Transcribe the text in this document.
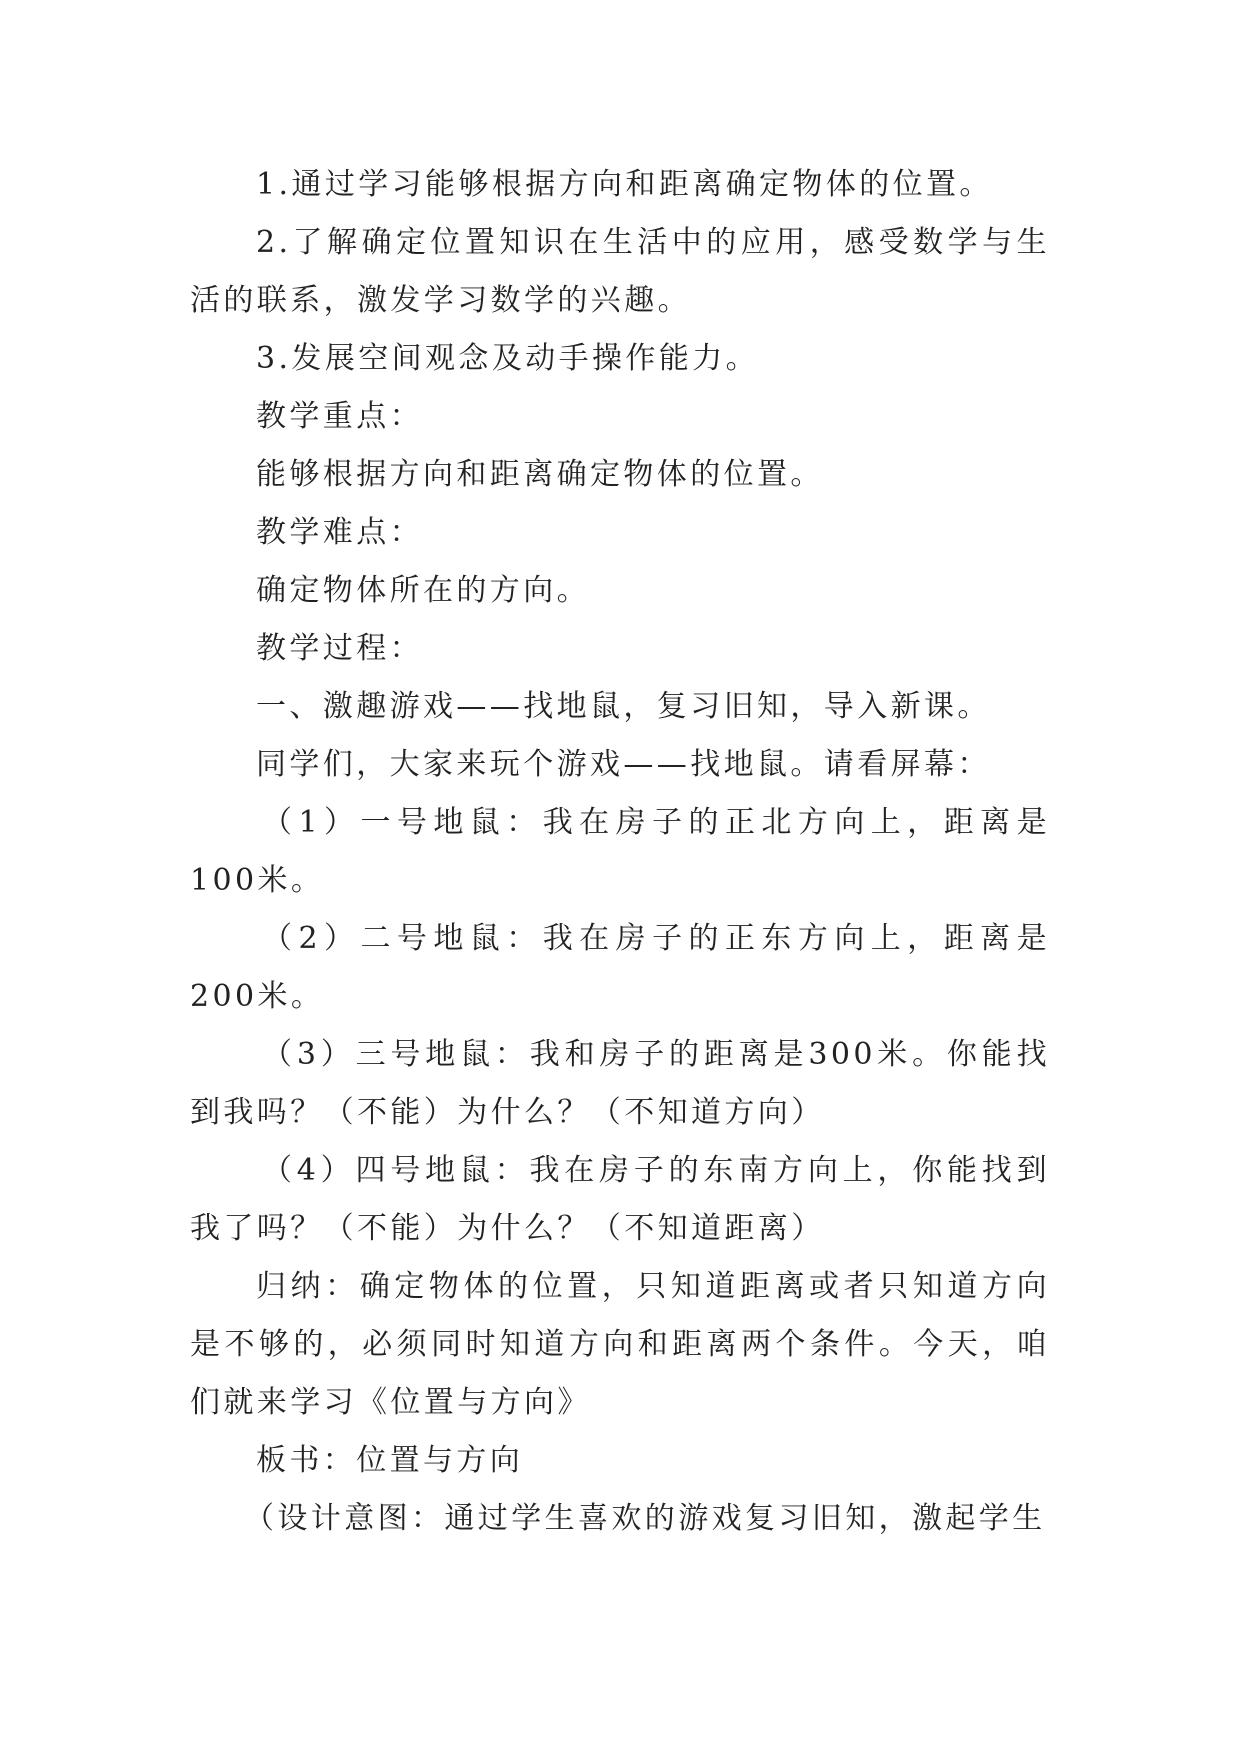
1.通过学习能够根据方向和距离确定物体的位置。

2.了解确定位置知识在生活中的应用，感受数学与生活的联系，激发学习数学的兴趣。

3.发展空间观念及动手操作能力。

教学重点：

能够根据方向和距离确定物体的位置。

教学难点：

确定物体所在的方向。

教学过程：

一、激趣游戏——找地鼠，复习旧知，导入新课。

同学们，大家来玩个游戏——找地鼠。请看屏幕：

（1）一号地鼠：我在房子的正北方向上，距离是100米。

（2）二号地鼠：我在房子的正东方向上，距离是200米。

（3）三号地鼠：我和房子的距离是300米。你能找到我吗？（不能）为什么？（不知道方向）

（4）四号地鼠：我在房子的东南方向上，你能找到我了吗？（不能）为什么？（不知道距离）

归纳：确定物体的位置，只知道距离或者只知道方向是不够的，必须同时知道方向和距离两个条件。今天，咱们就来学习《位置与方向》

板书：位置与方向

（设计意图：通过学生喜欢的游戏复习旧知，激起学生
